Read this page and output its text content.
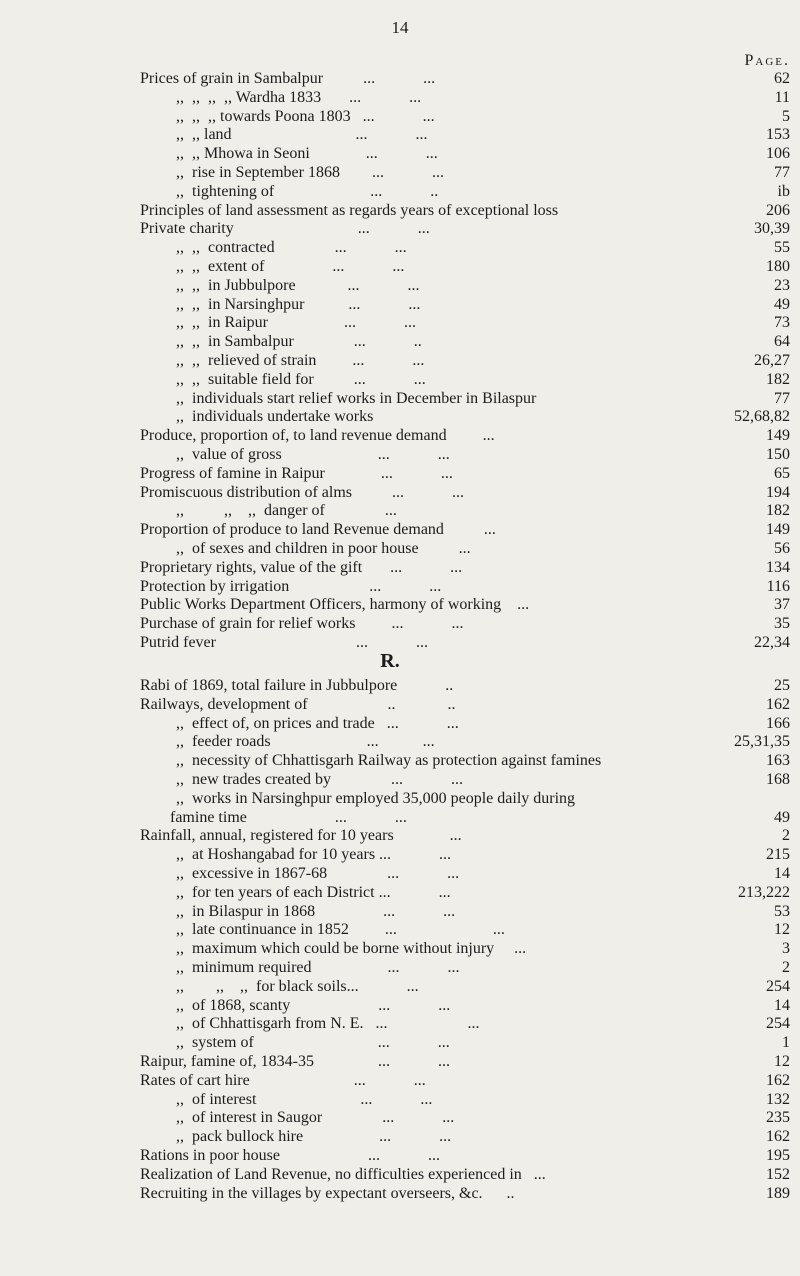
14
Page.
Prices of grain in Sambalpur          ...            ...	62
,,  ,,  ,,  ,, Wardha 1833       ...            ...	11
,,  ,,  ,, towards Poona 1803   ...            ...	5
,,  ,, land                               ...            ...	153
,,  ,, Mhowa in Seoni              ...            ...	106
,,  rise in September 1868        ...            ...	77
,,  tightening of                        ...            ..	ib
Principles of land assessment as regards years of exceptional loss	206
Private charity                               ...            ...	30,39
,,  ,,  contracted               ...            ...	55
,,  ,,  extent of                 ...            ...	180
,,  ,,  in Jubbulpore             ...            ...	23
,,  ,,  in Narsinghpur           ...            ...	49
,,  ,,  in Raipur                   ...            ...	73
,,  ,,  in Sambalpur               ...            ..	64
,,  ,,  relieved of strain         ...            ...	26,27
,,  ,,  suitable field for          ...            ...	182
,,  individuals start relief works in December in Bilaspur	77
,,  individuals undertake works	52,68,82
Produce, proportion of, to land revenue demand         ...	149
,,  value of gross                        ...            ...	150
Progress of famine in Raipur              ...            ...	65
Promiscuous distribution of alms          ...            ...	194
,,          ,,    ,,  danger of               ...	182
Proportion of produce to land Revenue demand          ...	149
,,  of sexes and children in poor house          ...	56
Proprietary rights, value of the gift       ...            ...	134
Protection by irrigation                    ...            ...	116
Public Works Department Officers, harmony of working    ...	37
Purchase of grain for relief works         ...            ...	35
Putrid fever                                   ...            ...	22,34
R.
Rabi of 1869, total failure in Jubbulpore            ..	25
Railways, development of                    ..             ..	162
,,  effect of, on prices and trade   ...            ...	166
,,  feeder roads                        ...           ...	25,31,35
,,  necessity of Chhattisgarh Railway as protection against famines	163
,,  new trades created by               ...            ...	168
,,  works in Narsinghpur employed 35,000 people daily during
famine time                      ...            ...	49
Rainfall, annual, registered for 10 years              ...	2
,,  at Hoshangabad for 10 years ...            ...	215
,,  excessive in 1867-68               ...            ...	14
,,  for ten years of each District ...            ...	213,222
,,  in Bilaspur in 1868                 ...            ...	53
,,  late continuance in 1852         ...                        ...	12
,,  maximum which could be borne without injury     ...	3
,,  minimum required                   ...            ...	2
,,        ,,    ,,  for black soils...            ...	254
,,  of 1868, scanty                      ...            ...	14
,,  of Chhattisgarh from N. E.   ...                    ...	254
,,  system of                               ...            ...	1
Raipur, famine of, 1834-35                ...            ...	12
Rates of cart hire                          ...            ...	162
,,  of interest                          ...            ...	132
,,  of interest in Saugor               ...            ...	235
,,  pack bullock hire                   ...            ...	162
Rations in poor house                      ...            ...	195
Realization of Land Revenue, no difficulties experienced in   ...	152
Recruiting in the villages by expectant overseers, &c.      ..	189
